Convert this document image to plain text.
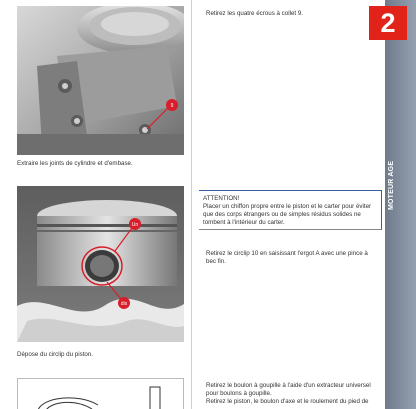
9
Extraire les joints de cylindre et d'embase.
Un
dix
Dépose du circlip du piston.
Retirez les quatre écrous à collet 9.
ATTENTION!
Placer un chiffon propre entre le piston et le carter pour éviter que des corps étrangers ou de simples résidus solides ne tombent à l'intérieur du carter.
Retirez le circlip 10 en saisissant l'ergot A avec une pince à bec fin.

Retirez le boulon à goupille à l'aide d'un extracteur universel pour boulons à goupille.

Retirez le piston, le boulon d'axe et le roulement du pied de

2
MOTEUR AGE
